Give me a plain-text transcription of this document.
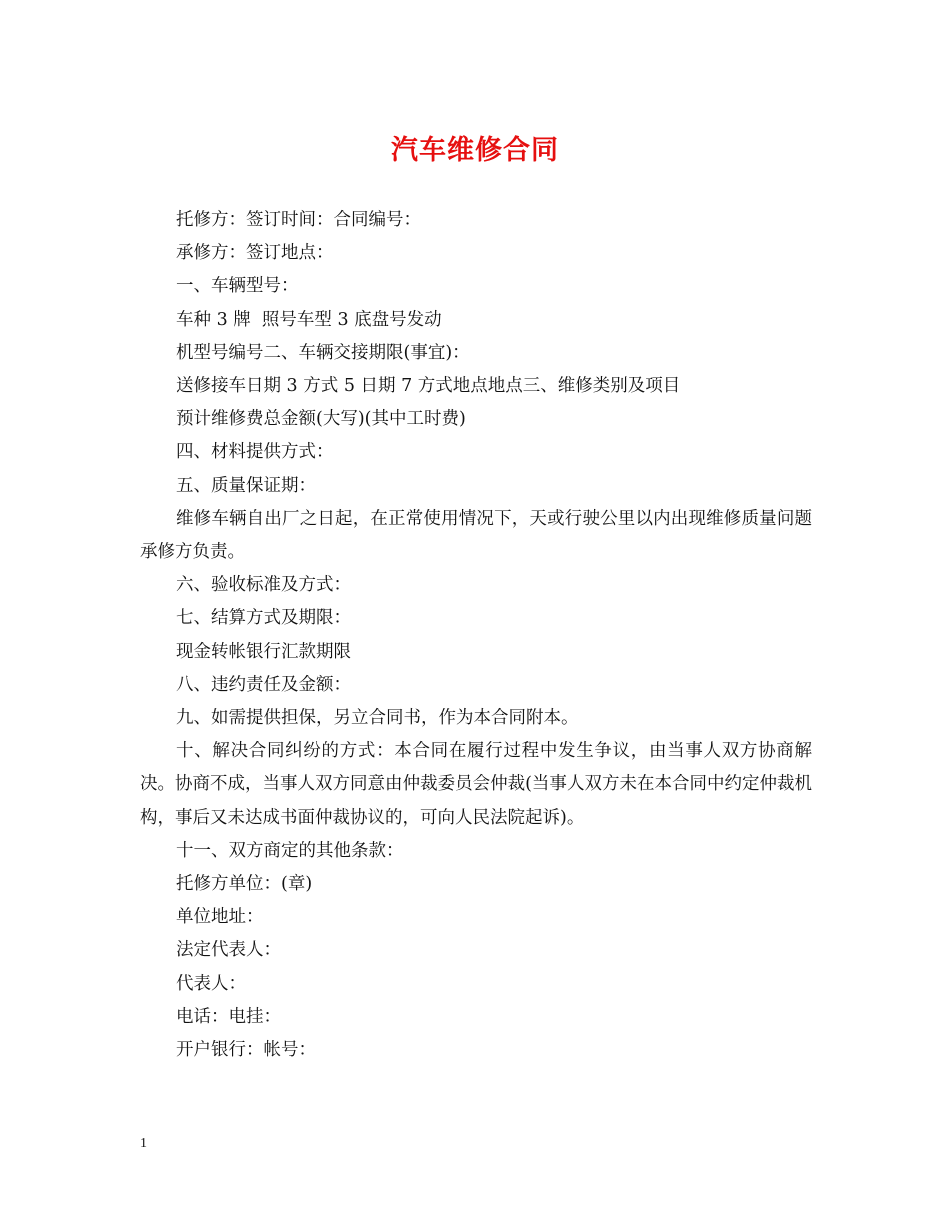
汽车维修合同

托修方：签订时间：合同编号：

承修方：签订地点：

一、车辆型号：

车种 3 牌  照号车型 3 底盘号发动

机型号编号二、车辆交接期限(事宜)：

送修接车日期 3 方式 5 日期 7 方式地点地点三、维修类别及项目

预计维修费总金额(大写)(其中工时费)

四、材料提供方式：

五、质量保证期：

维修车辆自出厂之日起，在正常使用情况下，天或行驶公里以内出现维修质量问题承修方负责。

六、验收标准及方式：

七、结算方式及期限：

现金转帐银行汇款期限

八、违约责任及金额：

九、如需提供担保，另立合同书，作为本合同附本。

十、解决合同纠纷的方式：本合同在履行过程中发生争议，由当事人双方协商解决。协商不成，当事人双方同意由仲裁委员会仲裁(当事人双方未在本合同中约定仲裁机构，事后又未达成书面仲裁协议的，可向人民法院起诉)。

十一、双方商定的其他条款：

托修方单位：(章)

单位地址：

法定代表人：

代表人：

电话：电挂：

开户银行：帐号：

1
